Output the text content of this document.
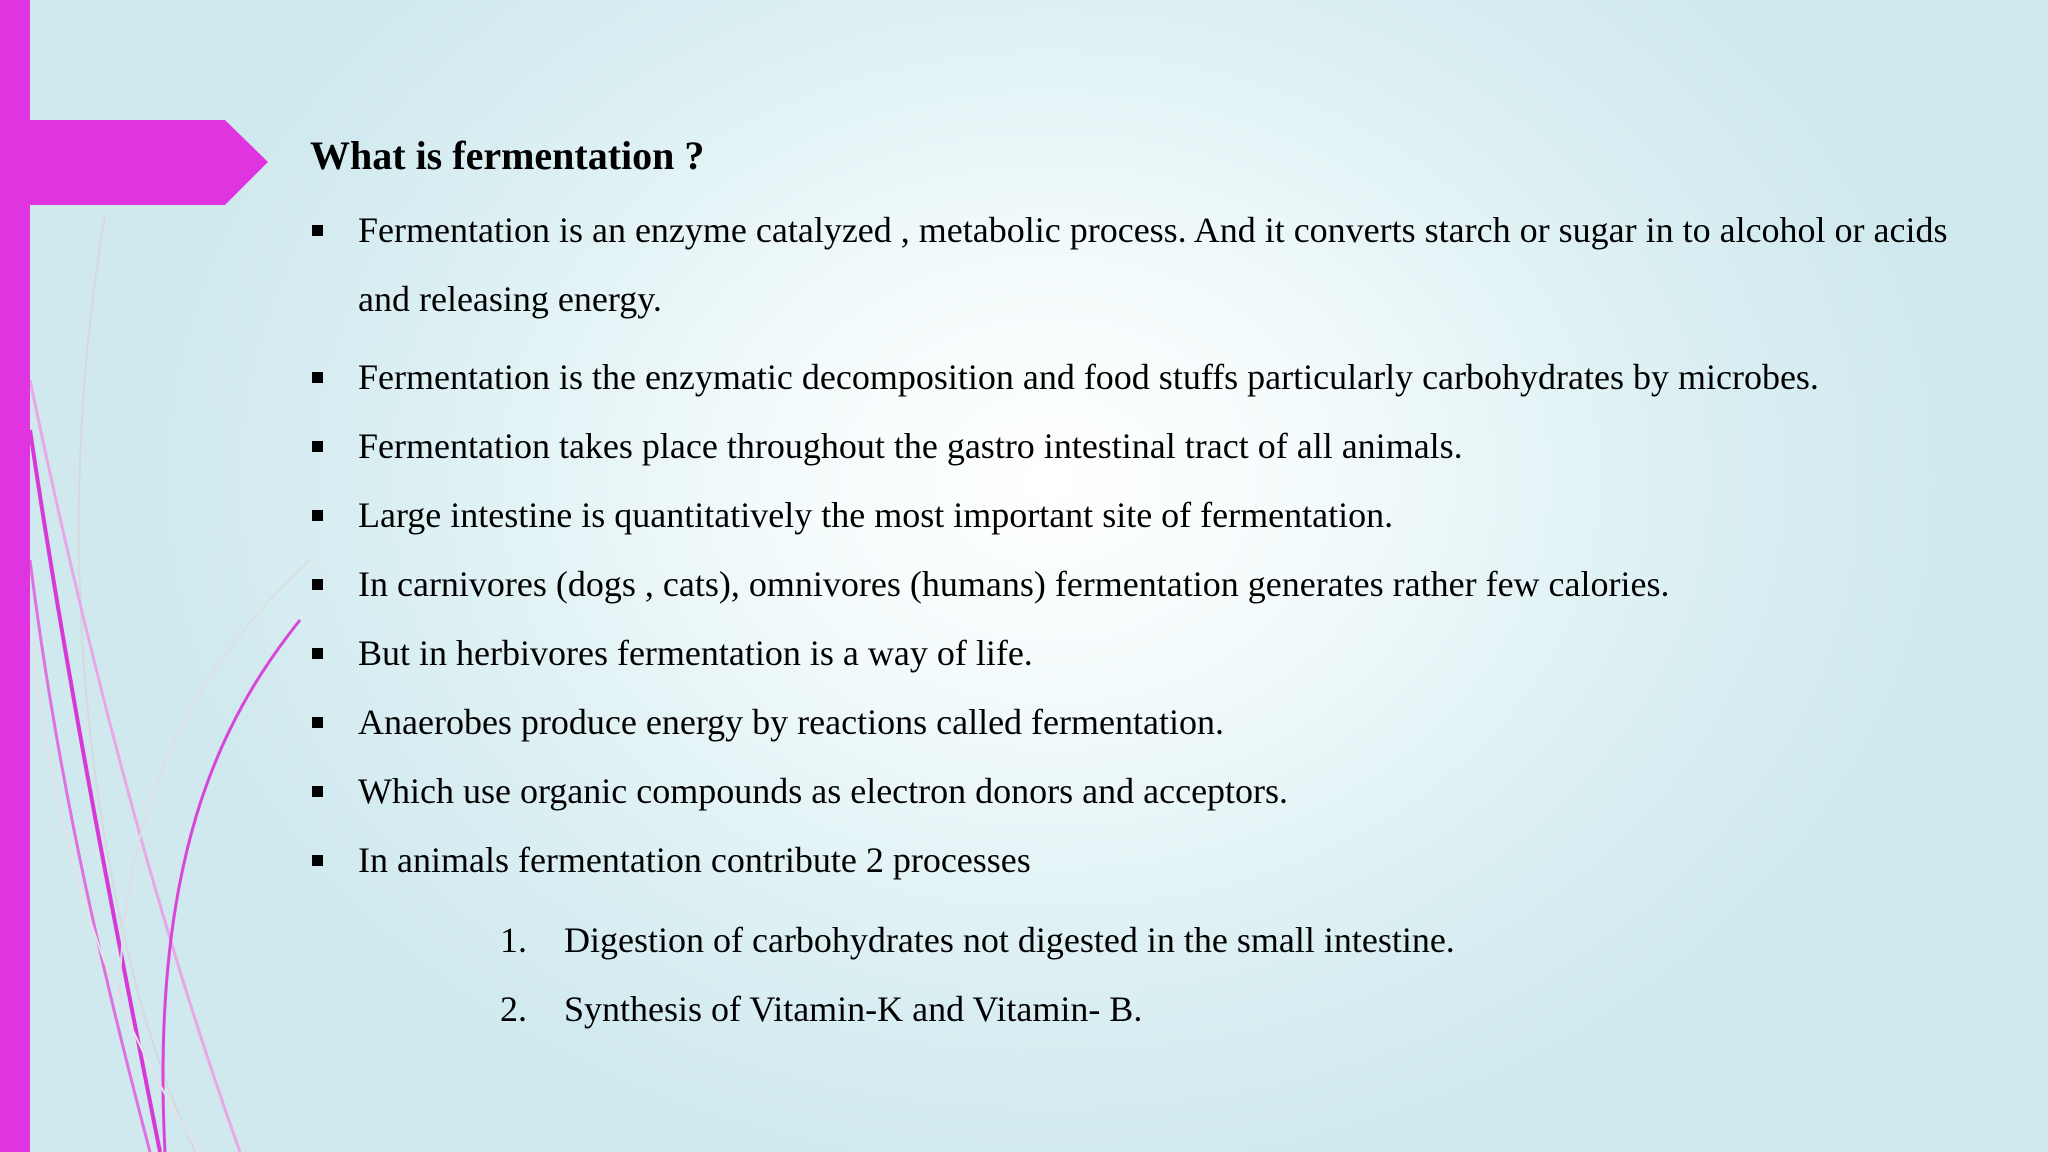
What is fermentation ?
Fermentation is an enzyme catalyzed , metabolic process. And it converts starch or sugar in to alcohol or acids and releasing energy.
Fermentation is the enzymatic decomposition and food stuffs particularly carbohydrates by microbes.
Fermentation takes place throughout the gastro intestinal tract of all animals.
Large intestine is quantitatively the most important site of fermentation.
In carnivores (dogs , cats), omnivores (humans) fermentation generates rather few calories.
But in herbivores fermentation is a way of life.
Anaerobes produce energy by reactions called fermentation.
Which use organic compounds as electron donors and acceptors.
In animals fermentation contribute 2 processes
1. Digestion of carbohydrates not digested in the small intestine.
2. Synthesis of Vitamin-K and Vitamin- B.
